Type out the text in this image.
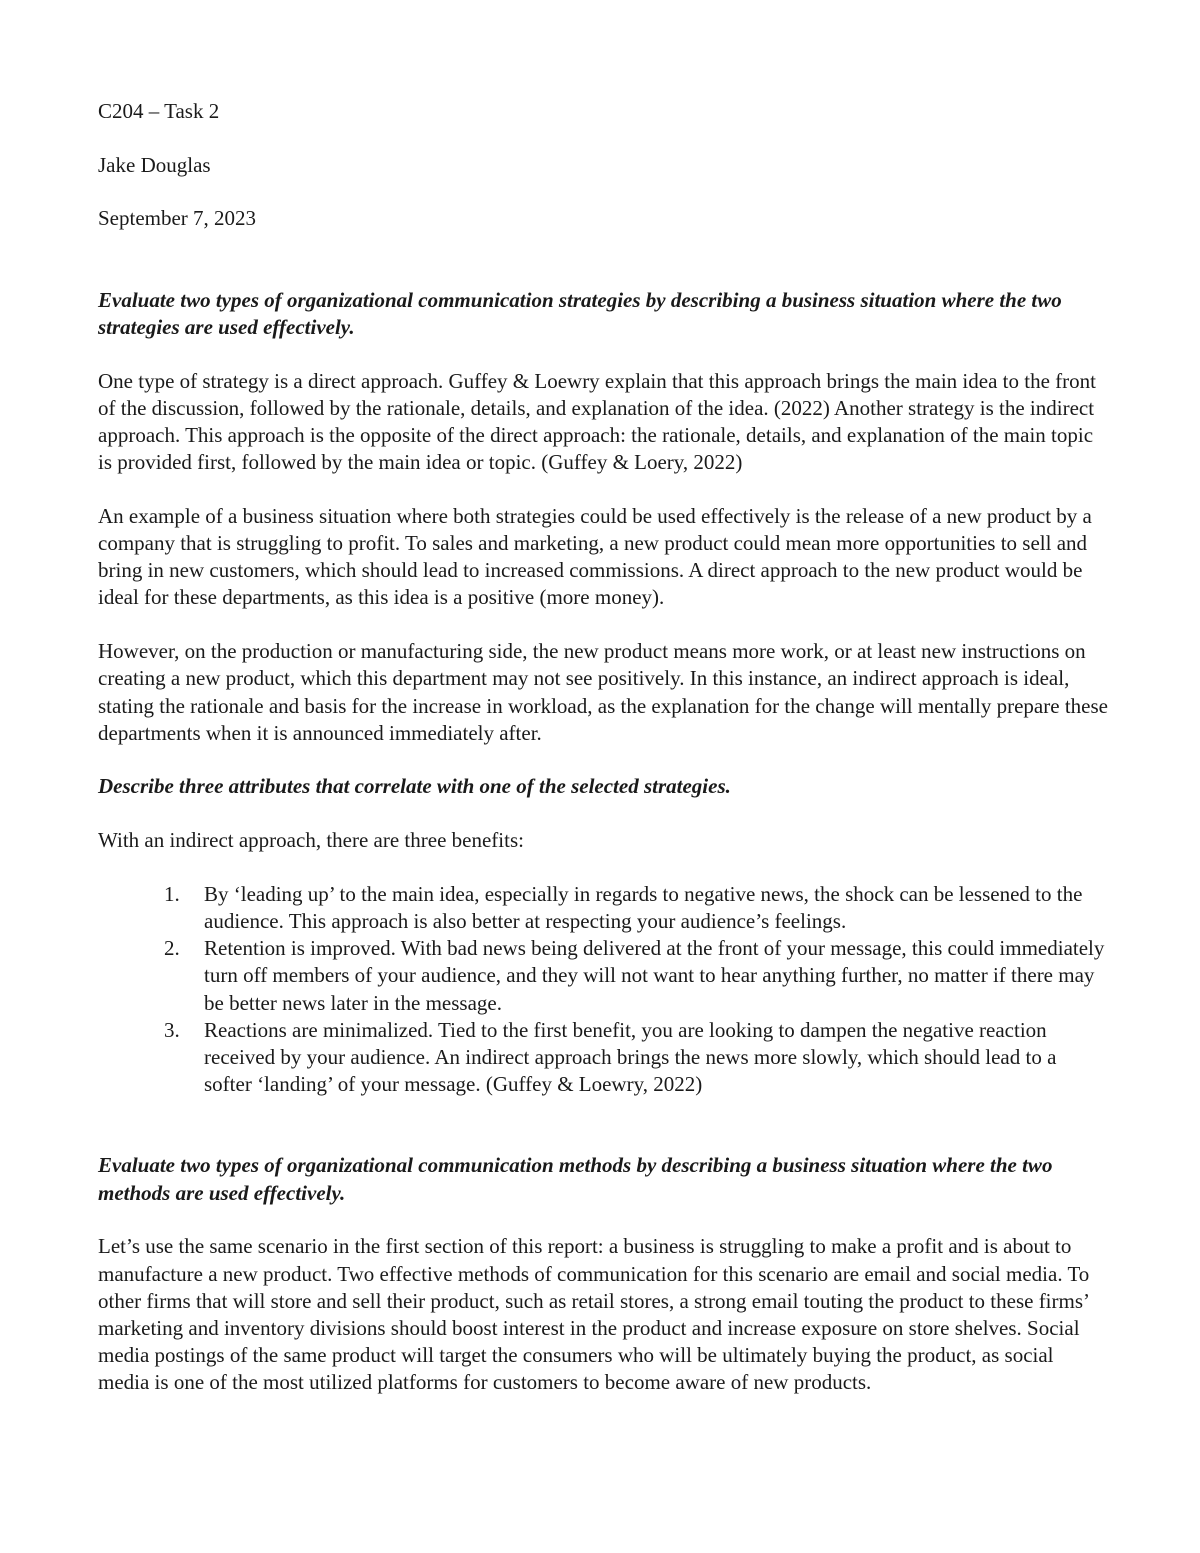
C204 – Task 2
Jake Douglas
September 7, 2023
Evaluate two types of organizational communication strategies by describing a business situation where the two strategies are used effectively.
One type of strategy is a direct approach. Guffey & Loewry explain that this approach brings the main idea to the front of the discussion, followed by the rationale, details, and explanation of the idea. (2022) Another strategy is the indirect approach. This approach is the opposite of the direct approach: the rationale, details, and explanation of the main topic is provided first, followed by the main idea or topic. (Guffey & Loery, 2022)
An example of a business situation where both strategies could be used effectively is the release of a new product by a company that is struggling to profit. To sales and marketing, a new product could mean more opportunities to sell and bring in new customers, which should lead to increased commissions. A direct approach to the new product would be ideal for these departments, as this idea is a positive (more money).
However, on the production or manufacturing side, the new product means more work, or at least new instructions on creating a new product, which this department may not see positively. In this instance, an indirect approach is ideal, stating the rationale and basis for the increase in workload, as the explanation for the change will mentally prepare these departments when it is announced immediately after.
Describe three attributes that correlate with one of the selected strategies.
With an indirect approach, there are three benefits:
1. By ‘leading up’ to the main idea, especially in regards to negative news, the shock can be lessened to the audience. This approach is also better at respecting your audience’s feelings.
2. Retention is improved. With bad news being delivered at the front of your message, this could immediately turn off members of your audience, and they will not want to hear anything further, no matter if there may be better news later in the message.
3. Reactions are minimalized. Tied to the first benefit, you are looking to dampen the negative reaction received by your audience. An indirect approach brings the news more slowly, which should lead to a softer ‘landing’ of your message. (Guffey & Loewry, 2022)
Evaluate two types of organizational communication methods by describing a business situation where the two methods are used effectively.
Let’s use the same scenario in the first section of this report: a business is struggling to make a profit and is about to manufacture a new product. Two effective methods of communication for this scenario are email and social media. To other firms that will store and sell their product, such as retail stores, a strong email touting the product to these firms’ marketing and inventory divisions should boost interest in the product and increase exposure on store shelves. Social media postings of the same product will target the consumers who will be ultimately buying the product, as social media is one of the most utilized platforms for customers to become aware of new products.
